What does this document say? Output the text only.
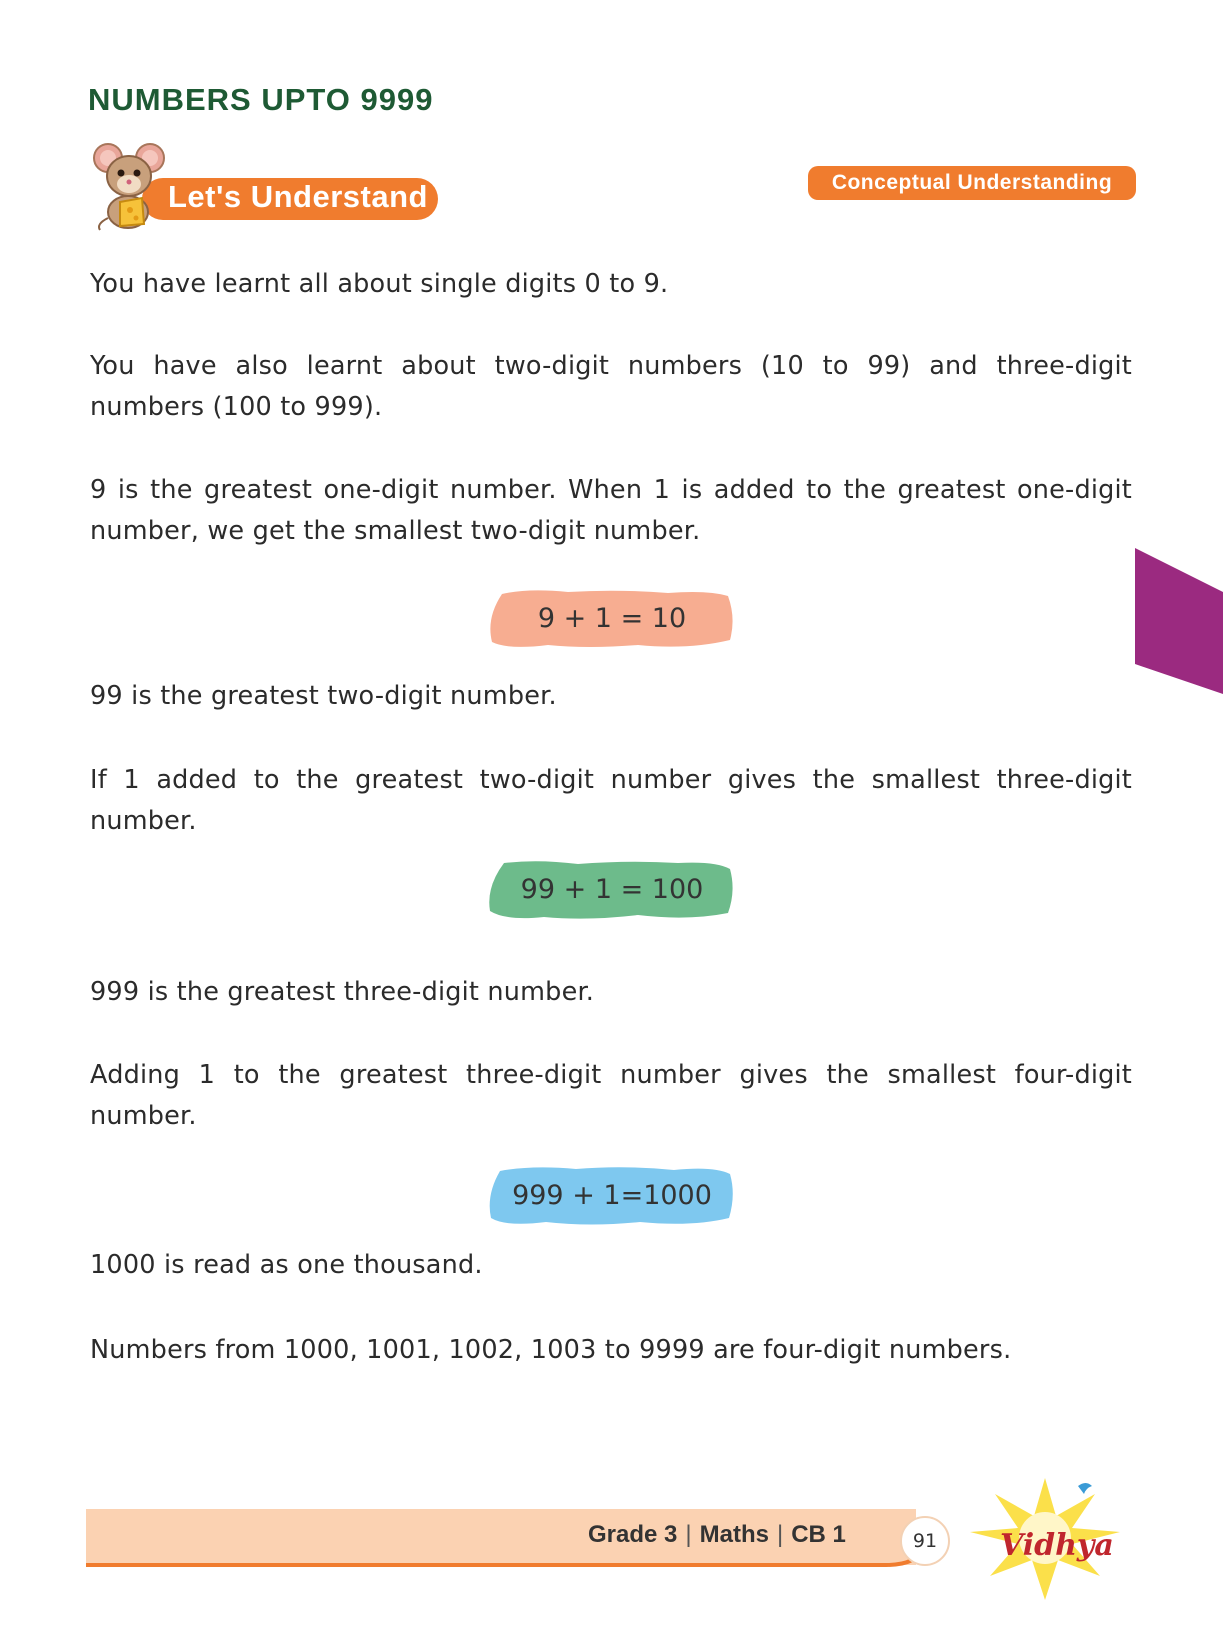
NUMBERS UPTO 9999
Let's Understand	Conceptual Understanding

You have learnt all about single digits 0 to 9.

You have also learnt about two-digit numbers (10 to 99) and three-digit numbers (100 to 999).

9 is the greatest one-digit number. When 1 is added to the greatest one-digit number, we get the smallest two-digit number.

9 + 1 = 10

99 is the greatest two-digit number.

If 1 added to the greatest two-digit number gives the smallest three-digit number.

99 + 1 = 100

999 is the greatest three-digit number.

Adding 1 to the greatest three-digit number gives the smallest four-digit number.

999 + 1=1000

1000 is read as one thousand.

Numbers from 1000, 1001, 1002, 1003 to 9999 are four-digit numbers.

Grade 3 | Maths | CB 1	91	Vidhya
